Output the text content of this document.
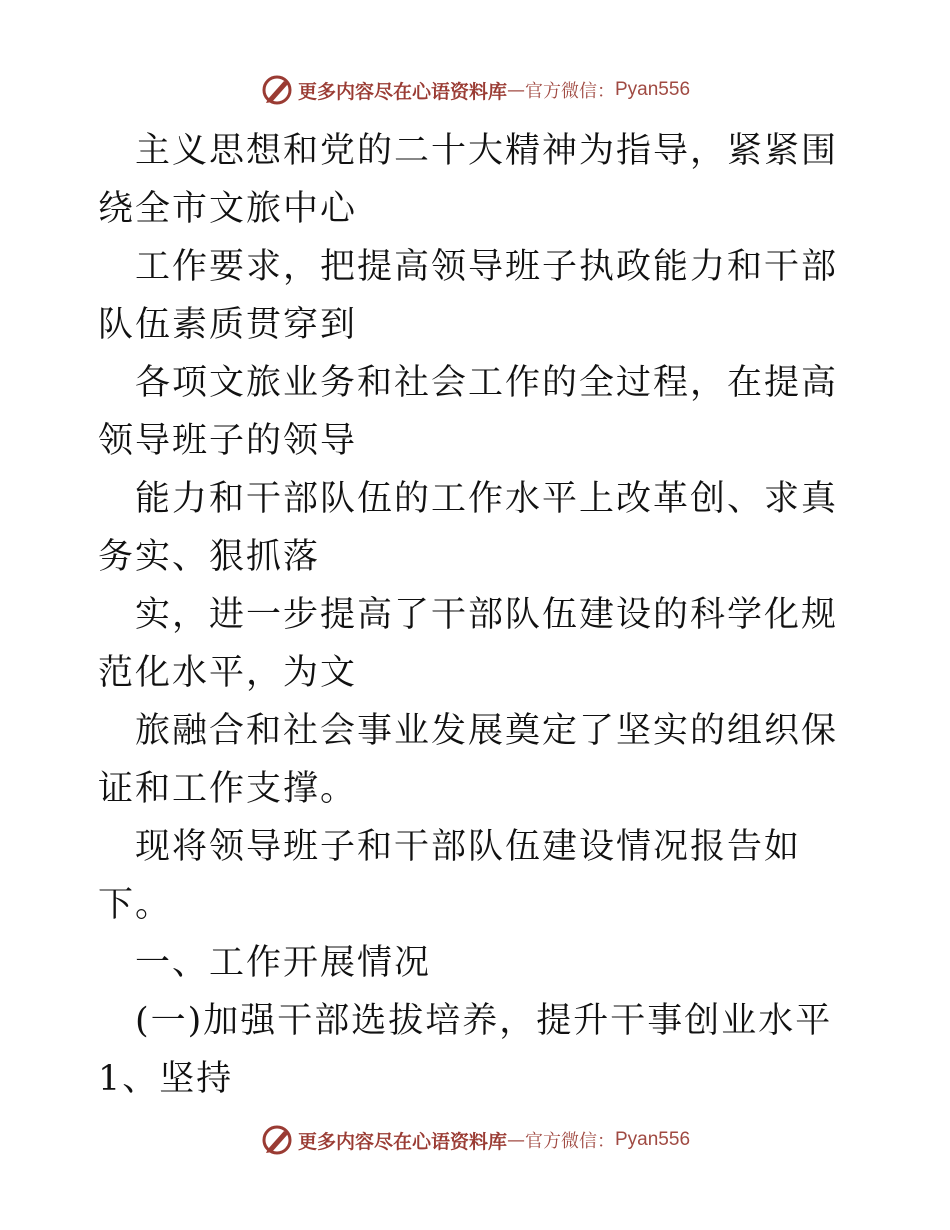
更多内容尽在心语资料库 — 官方微信： Pyan556

主义思想和党的二十大精神为指导，紧紧围绕全市文旅中心

工作要求，把提高领导班子执政能力和干部队伍素质贯穿到

各项文旅业务和社会工作的全过程，在提高领导班子的领导

能力和干部队伍的工作水平上改革创、求真务实、狠抓落

实，进一步提高了干部队伍建设的科学化规范化水平，为文

旅融合和社会事业发展奠定了坚实的组织保证和工作支撑。

现将领导班子和干部队伍建设情况报告如下。

一、工作开展情况

(一)加强干部选拔培养，提升干事创业水平 1、坚持

更多内容尽在心语资料库 — 官方微信： Pyan556
